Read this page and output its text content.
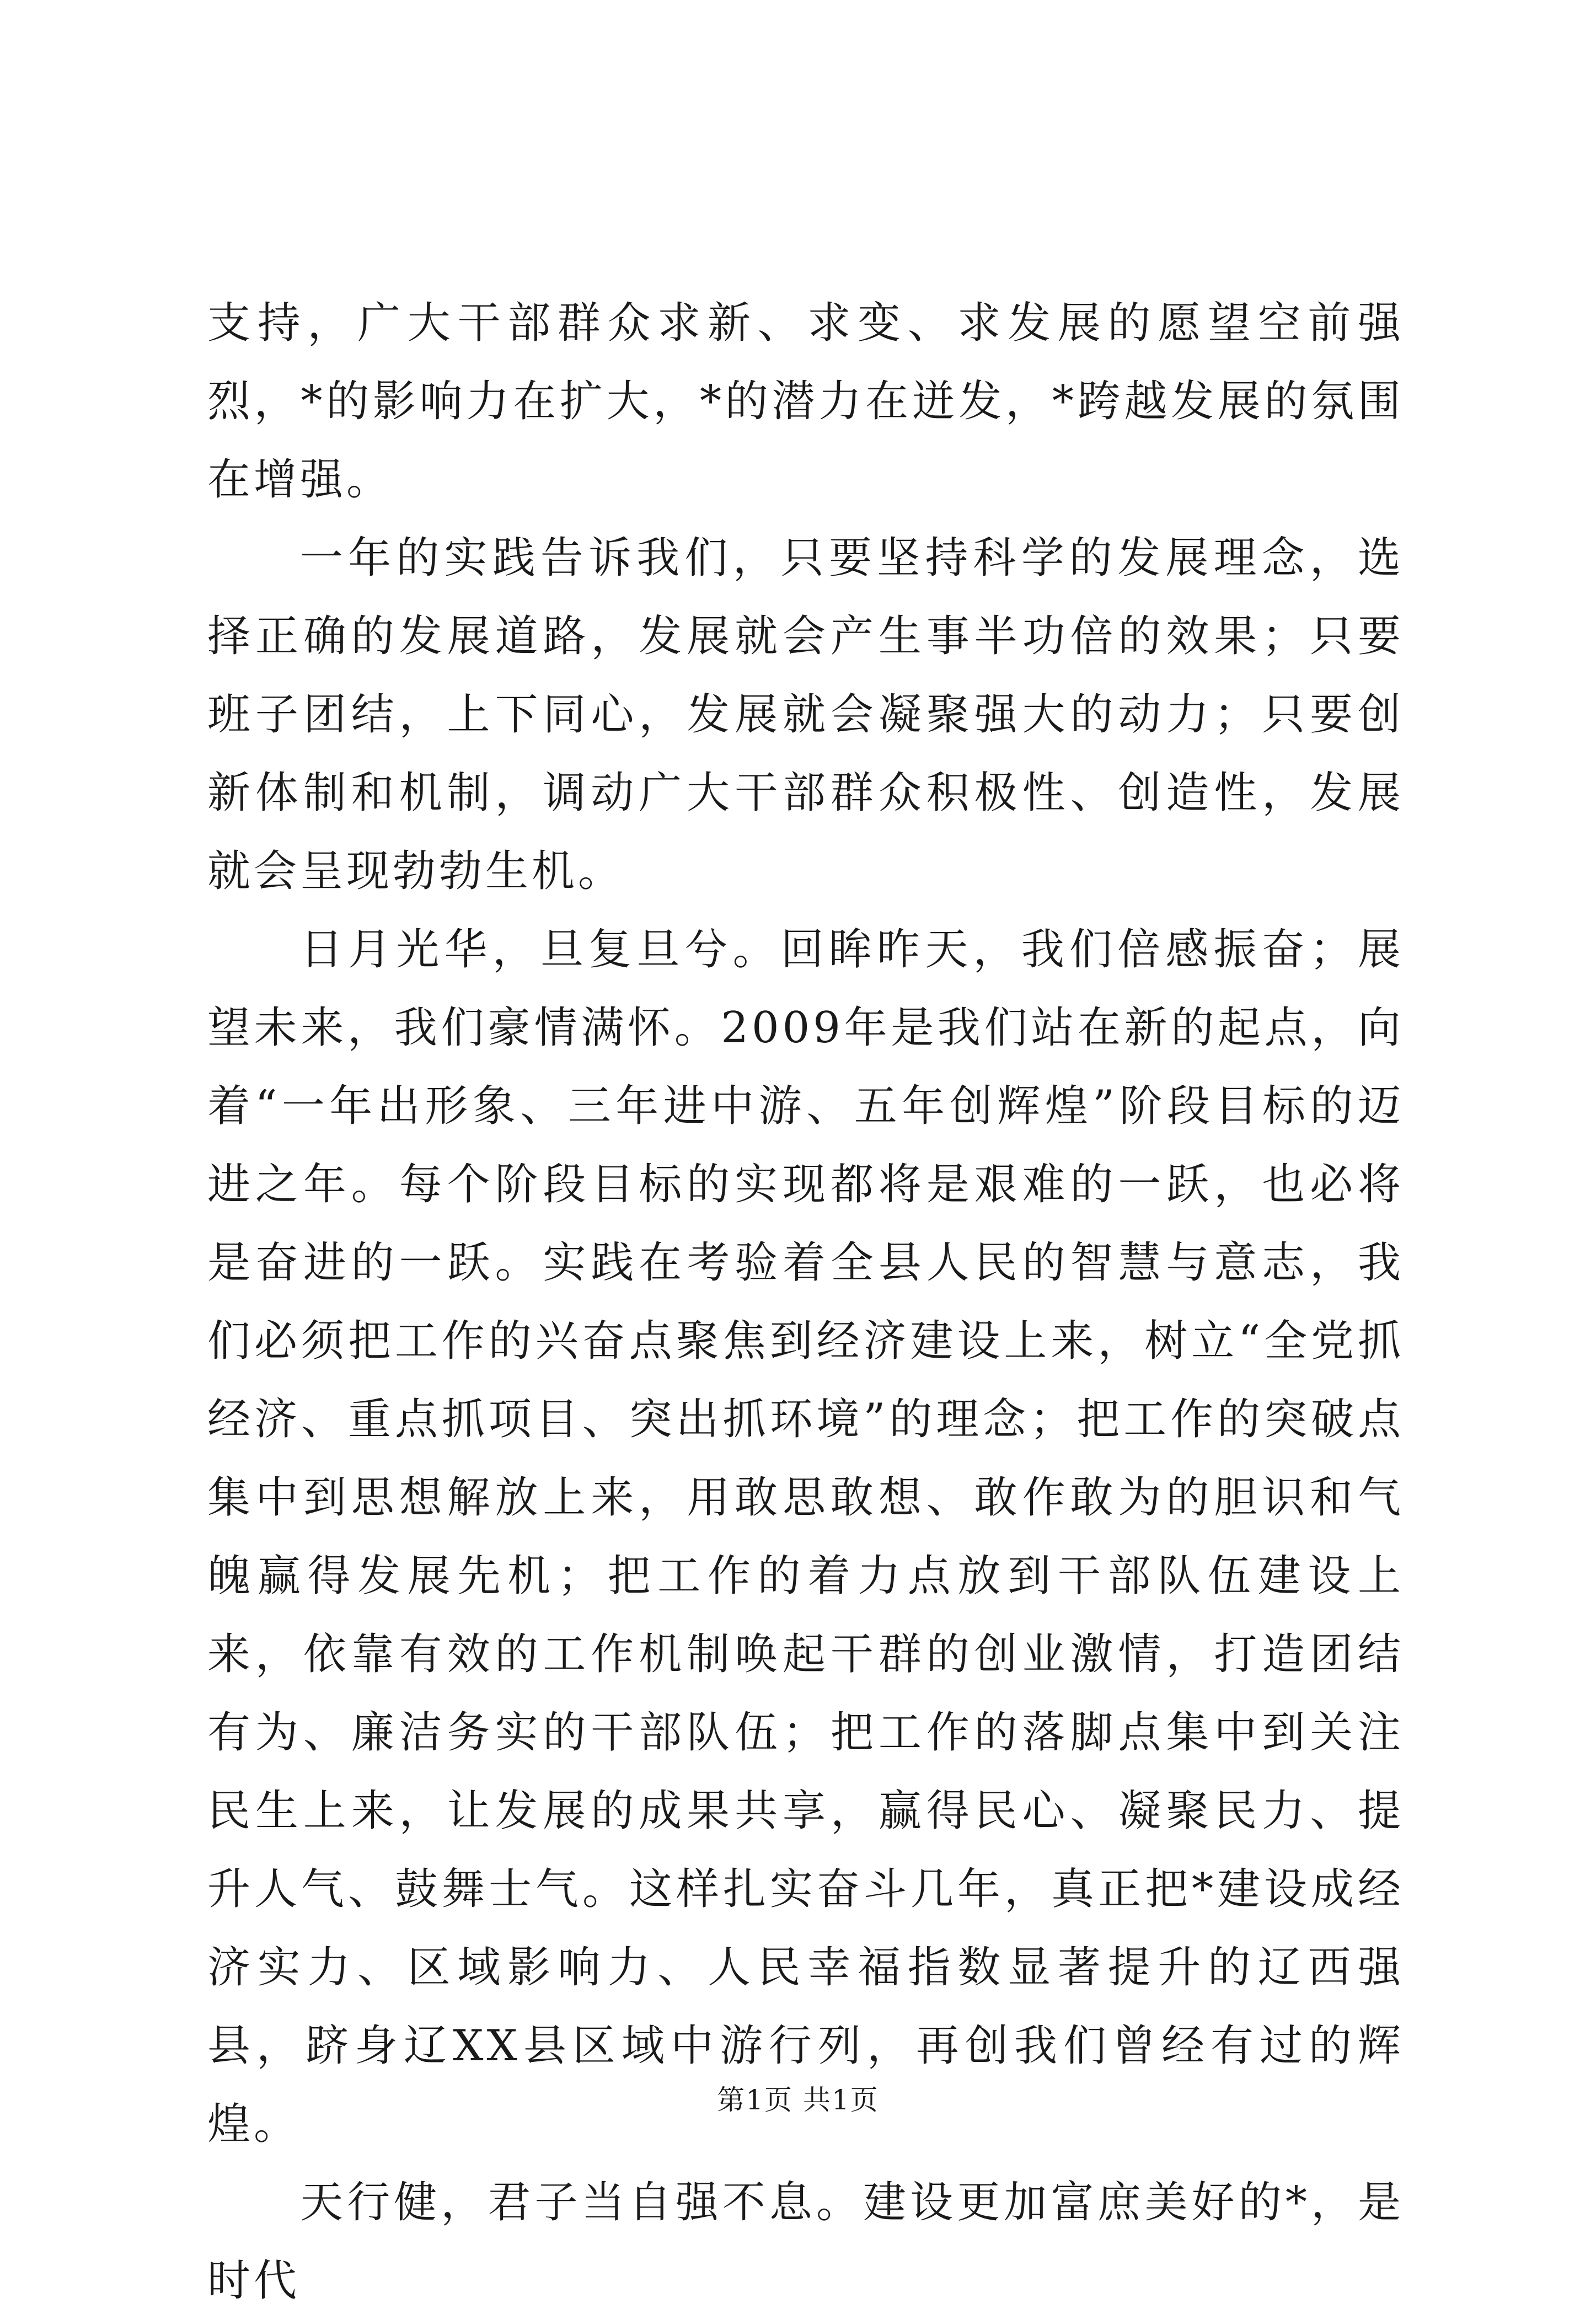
支持，广大干部群众求新、求变、求发展的愿望空前强烈，*的影响力在扩大，*的潜力在迸发，*跨越发展的氛围在增强。

一年的实践告诉我们，只要坚持科学的发展理念，选择正确的发展道路，发展就会产生事半功倍的效果；只要班子团结，上下同心，发展就会凝聚强大的动力；只要创新体制和机制，调动广大干部群众积极性、创造性，发展就会呈现勃勃生机。

日月光华，旦复旦兮。回眸昨天，我们倍感振奋；展望未来，我们豪情满怀。2009年是我们站在新的起点，向着“一年出形象、三年进中游、五年创辉煌”阶段目标的迈进之年。每个阶段目标的实现都将是艰难的一跃，也必将是奋进的一跃。实践在考验着全县人民的智慧与意志，我们必须把工作的兴奋点聚焦到经济建设上来，树立“全党抓经济、重点抓项目、突出抓环境”的理念；把工作的突破点集中到思想解放上来，用敢思敢想、敢作敢为的胆识和气魄赢得发展先机；把工作的着力点放到干部队伍建设上来，依靠有效的工作机制唤起干群的创业激情，打造团结有为、廉洁务实的干部队伍；把工作的落脚点集中到关注民生上来，让发展的成果共享，赢得民心、凝聚民力、提升人气、鼓舞士气。这样扎实奋斗几年，真正把*建设成经济实力、区域影响力、人民幸福指数显著提升的辽西强县，跻身辽XX县区域中游行列，再创我们曾经有过的辉煌。

天行健，君子当自强不息。建设更加富庶美好的*，是时代

第1页 共1页
